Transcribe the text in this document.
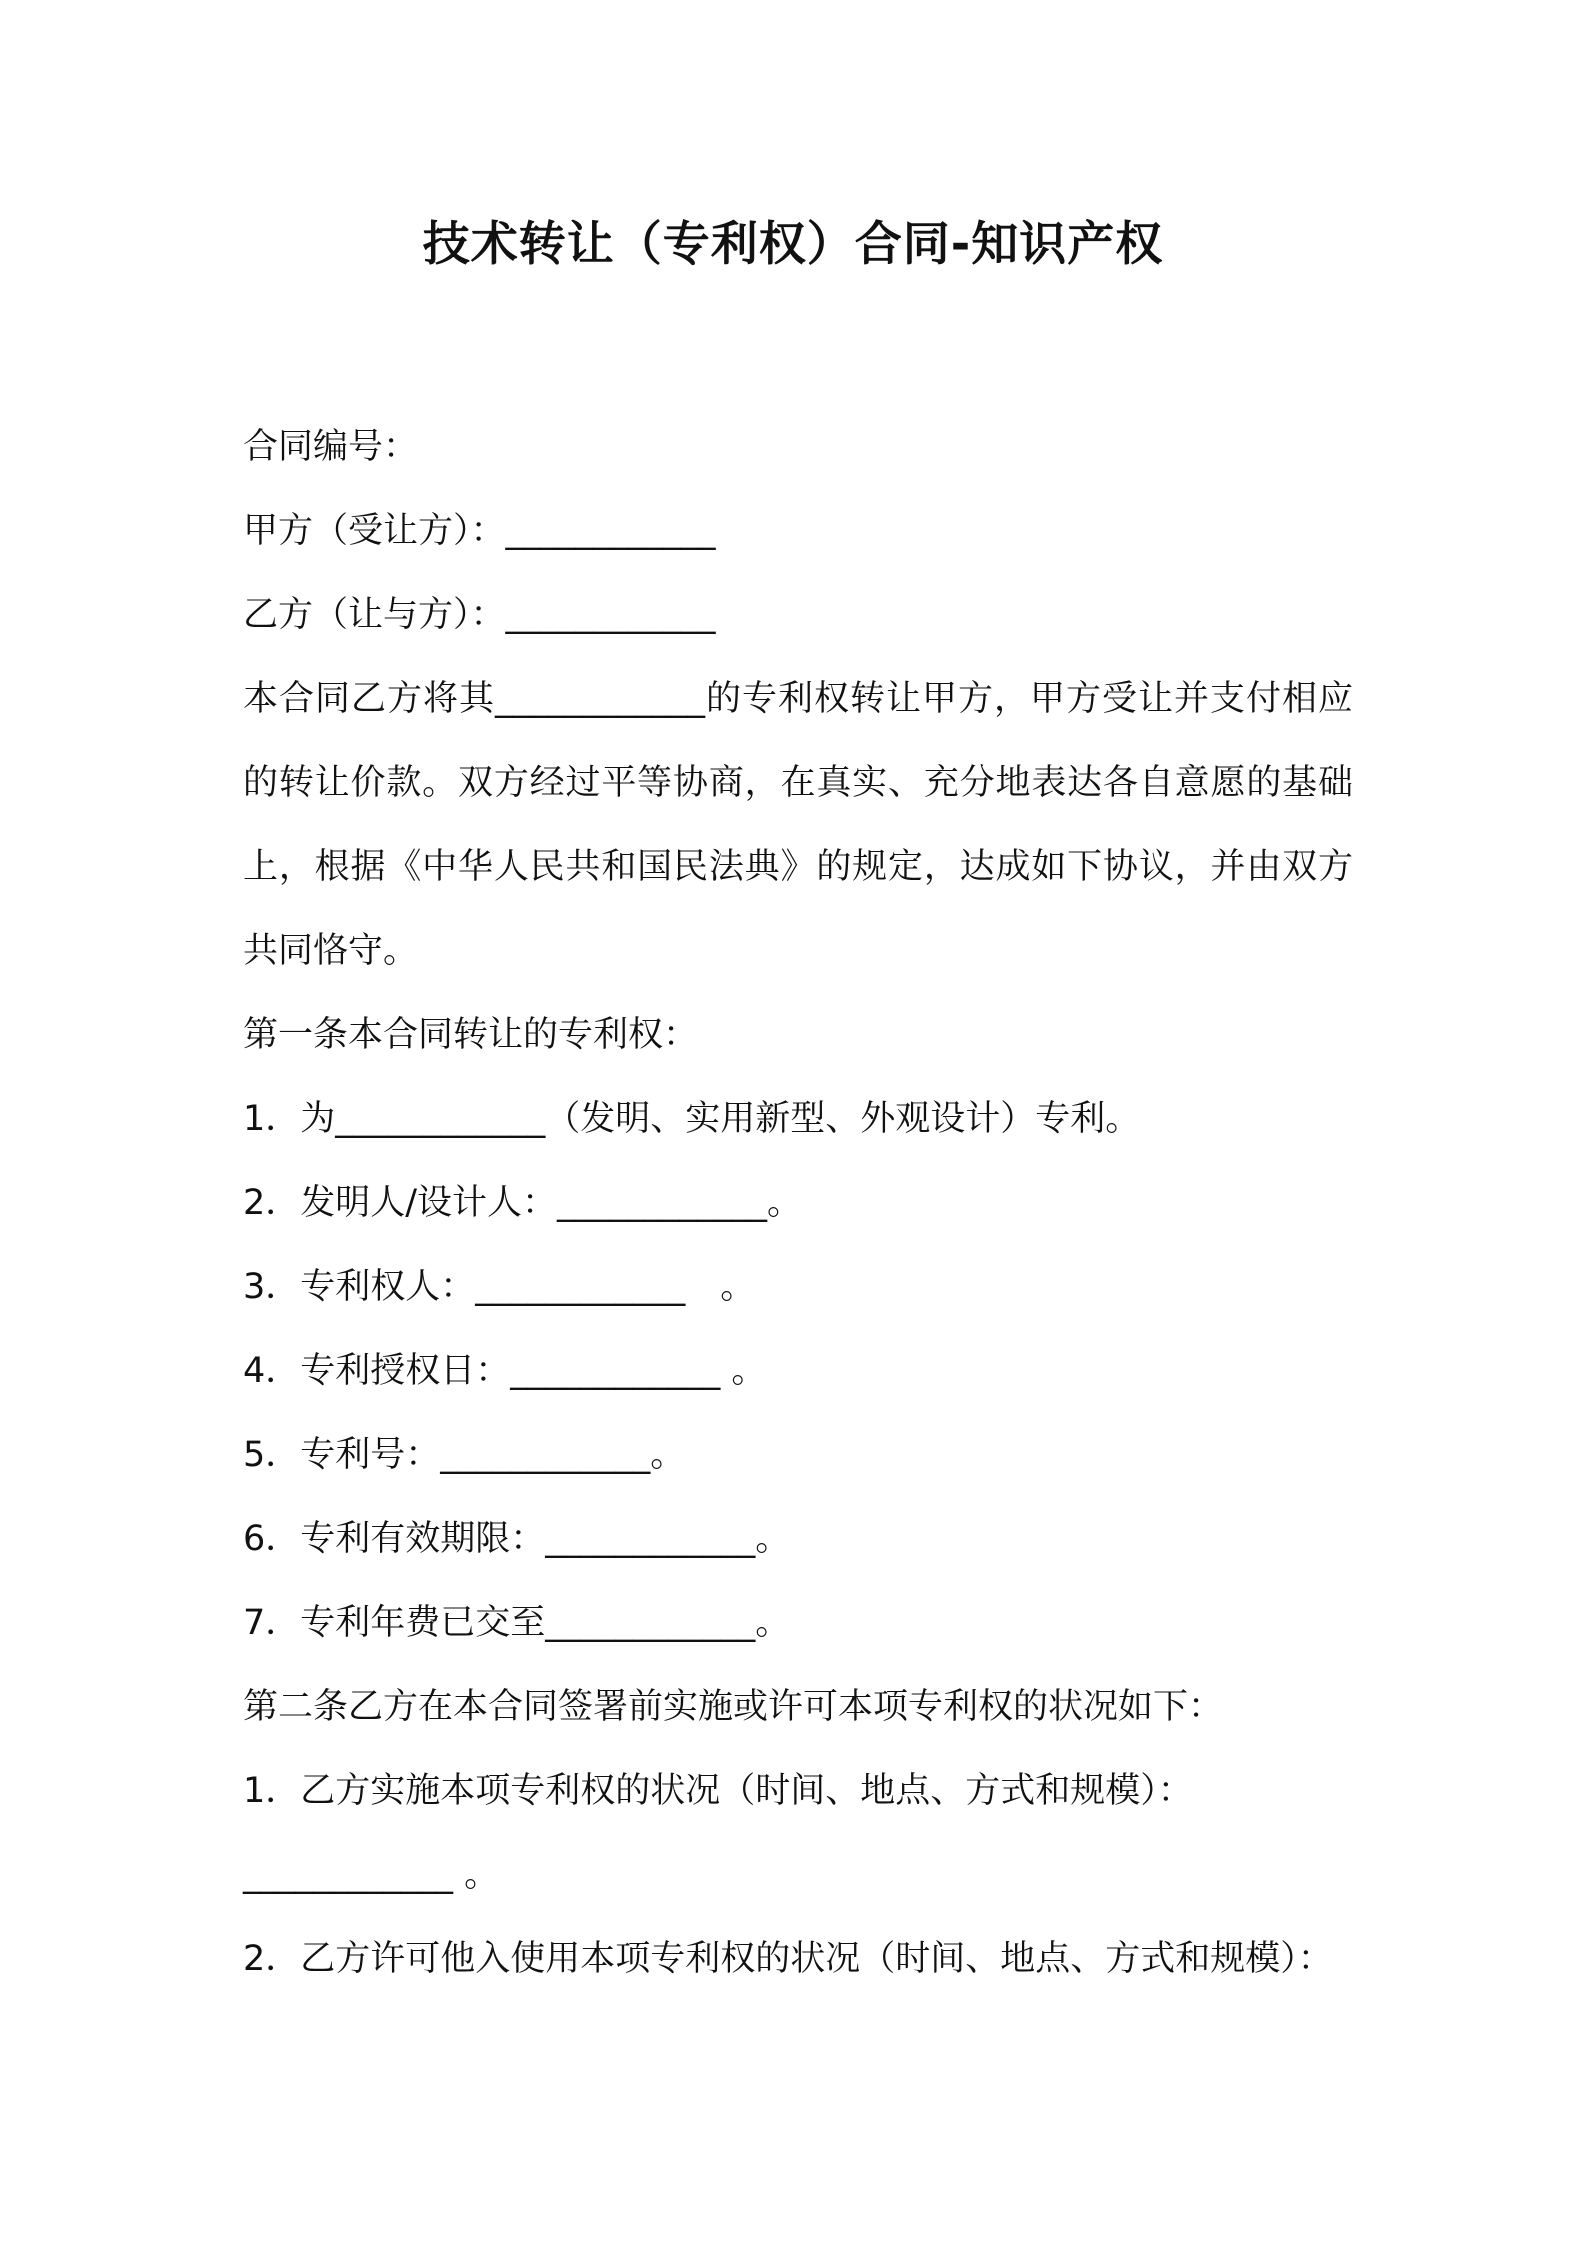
技术转让（专利权）合同-知识产权

合同编号：

甲方（受让方）：____________

乙方（让与方）：____________

本合同乙方将其____________的专利权转让甲方，甲方受让并支付相应的转让价款。双方经过平等协商，在真实、充分地表达各自意愿的基础上，根据《中华人民共和国民法典》的规定，达成如下协议，并由双方共同恪守。

第一条本合同转让的专利权：

1．为____________（发明、实用新型、外观设计）专利。

2．发明人/设计人：____________。

3．专利权人：____________　。

4．专利授权日：____________ 。

5．专利号：____________。

6．专利有效期限：____________。

7．专利年费已交至____________。

第二条乙方在本合同签署前实施或许可本项专利权的状况如下：

1．乙方实施本项专利权的状况（时间、地点、方式和规模）：

____________ 。

2．乙方许可他入使用本项专利权的状况（时间、地点、方式和规模）：
